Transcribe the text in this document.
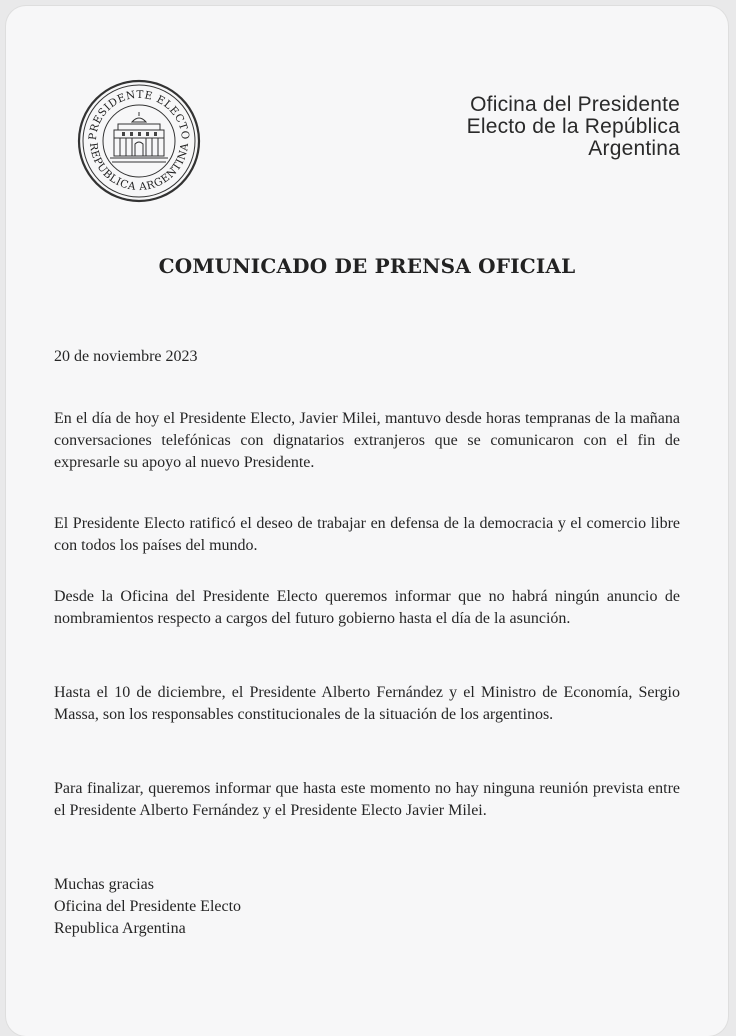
PRESIDENTE ELECTO
REPUBLICA ARGENTINA
Oficina del Presidente
Electo de la República
Argentina
COMUNICADO DE PRENSA OFICIAL
20 de noviembre 2023

En el día de hoy el Presidente Electo, Javier Milei, mantuvo desde horas tempranas de la mañana conversaciones telefónicas con dignatarios extranjeros que se comunicaron con el fin de expresarle su apoyo al nuevo Presidente.

El Presidente Electo ratificó el deseo de trabajar en defensa de la democracia y el comercio libre con todos los países del mundo.

Desde la Oficina del Presidente Electo queremos informar que no habrá ningún anuncio de nombramientos respecto a cargos del futuro gobierno hasta el día de la asunción.

Hasta el 10 de diciembre, el Presidente Alberto Fernández y el Ministro de Economía, Sergio Massa, son los responsables constitucionales de la situación de los argentinos.

Para finalizar, queremos informar que hasta este momento no hay ninguna reunión prevista entre el Presidente Alberto Fernández y el Presidente Electo Javier Milei.

Muchas gracias
Oficina del Presidente Electo
Republica Argentina
